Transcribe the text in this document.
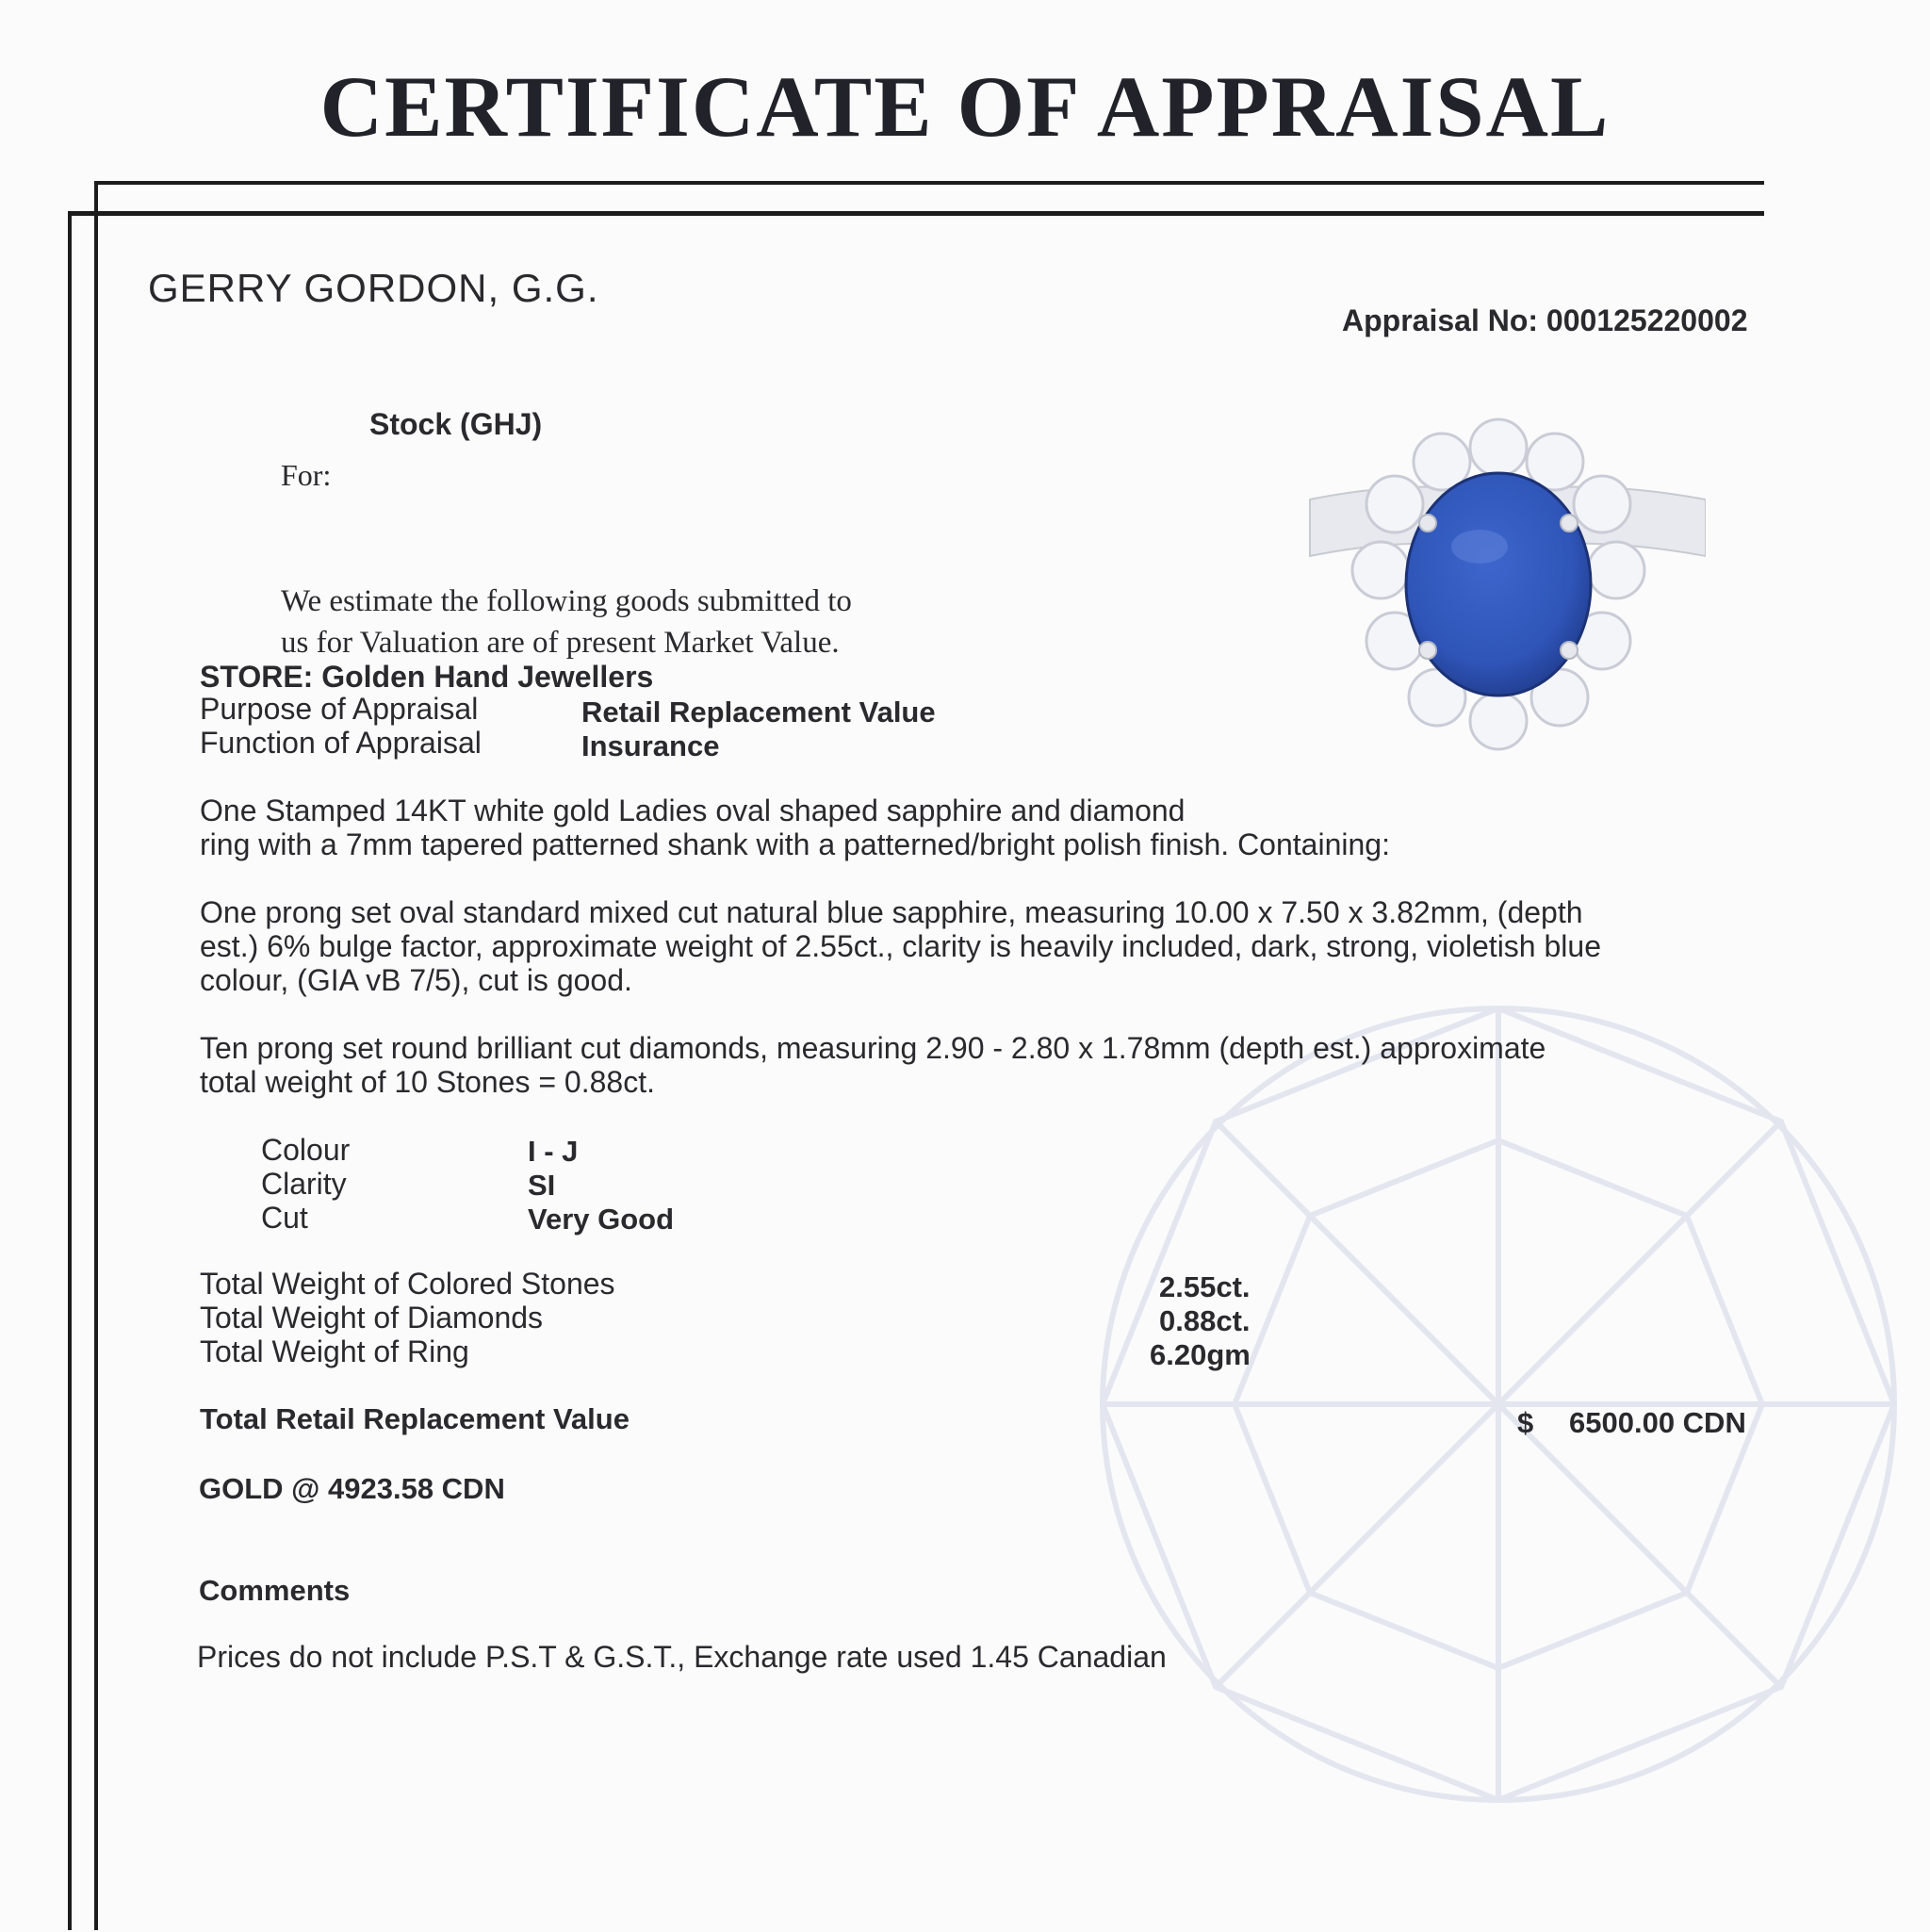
CERTIFICATE OF APPRAISAL
GERRY GORDON, G.G.
Appraisal No: 000125220002
Stock (GHJ)
For:
We estimate the following goods submitted to
us for Valuation are of present Market Value.
STORE: Golden Hand Jewellers
Purpose of Appraisal	Retail Replacement Value
Function of Appraisal	Insurance
One Stamped 14KT white gold Ladies oval shaped sapphire and diamond
ring with a 7mm tapered patterned shank with a patterned/bright polish finish. Containing:
One prong set oval standard mixed cut natural blue sapphire, measuring 10.00 x 7.50 x 3.82mm, (depth
est.) 6% bulge factor, approximate weight of 2.55ct., clarity is heavily included, dark, strong, violetish blue
colour, (GIA vB 7/5), cut is good.
Ten prong set round brilliant cut diamonds, measuring 2.90 - 2.80 x 1.78mm (depth est.) approximate
total weight of 10 Stones = 0.88ct.
Colour	I - J
Clarity	SI
Cut	Very Good
Total Weight of Colored Stones	2.55ct.
Total Weight of Diamonds	0.88ct.
Total Weight of Ring	6.20gm
Total Retail Replacement Value	$ 6500.00 CDN
GOLD @ 4923.58 CDN
Comments
Prices do not include P.S.T & G.S.T., Exchange rate used 1.45 Canadian
